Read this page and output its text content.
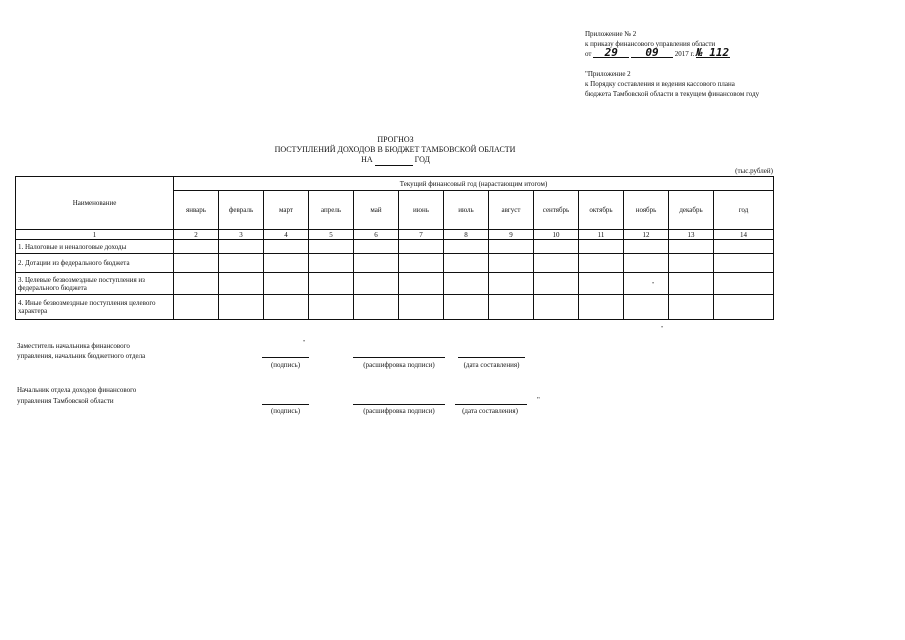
Приложение № 2
к приказу финансового управления области
от 29	09 2017 г. № 112
"Приложение 2
к Порядку составления и ведения кассового плана
бюджета Тамбовской области в текущем финансовом году
ПРОГНОЗ
ПОСТУПЛЕНИЙ ДОХОДОВ В БЮДЖЕТ ТАМБОВСКОЙ ОБЛАСТИ
НА	ГОД
(тыс.рублей)
Наименование	Текущий финансовый год (нарастающим итогом)												
	январь	февраль	март	апрель	май	июнь	июль	август	сентябрь	октябрь	ноябрь	декабрь	год
1	2	3	4	5	6	7	8	9	10	11	12	13	14
1. Налоговые и неналоговые доходы													
2. Дотации из федерального бюджета													
3. Целевые безвозмездные поступления из федерального бюджета													
4. Иные безвозмездные поступления целевого характера													
•
•
•
Заместитель начальника финансового
управления, начальник бюджетного отдела
(подпись)	(расшифровка подписи)	(дата составления)
Начальник отдела доходов финансового
управления Тамбовской области	"
(подпись)	(расшифровка подписи)	(дата составления)
